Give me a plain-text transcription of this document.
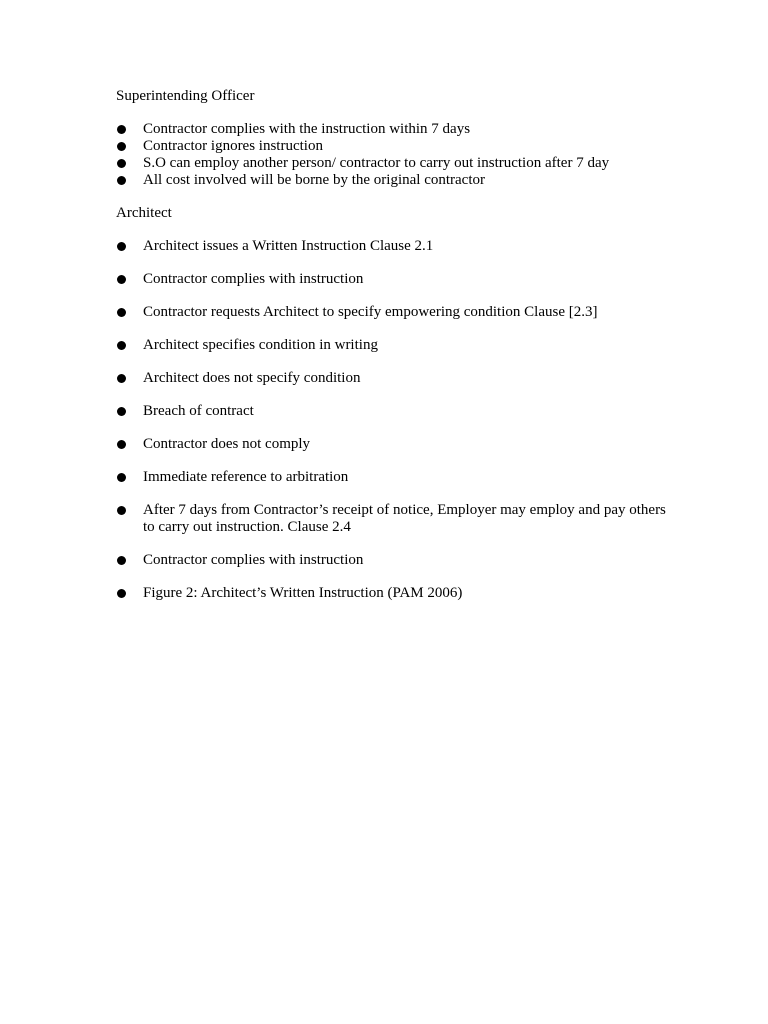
Superintending Officer
Contractor complies with the instruction within 7 days
Contractor ignores instruction
S.O can employ another person/ contractor to carry out instruction after 7 day
All cost involved will be borne by the original contractor
Architect
Architect issues a Written Instruction Clause 2.1
Contractor complies with instruction
Contractor requests Architect to specify empowering condition Clause [2.3]
Architect specifies condition in writing
Architect does not specify condition
Breach of contract
Contractor does not comply
Immediate reference to arbitration
After 7 days from Contractor’s receipt of notice, Employer may employ and pay others to carry out instruction. Clause 2.4
Contractor complies with instruction
Figure 2: Architect’s Written Instruction (PAM 2006)
